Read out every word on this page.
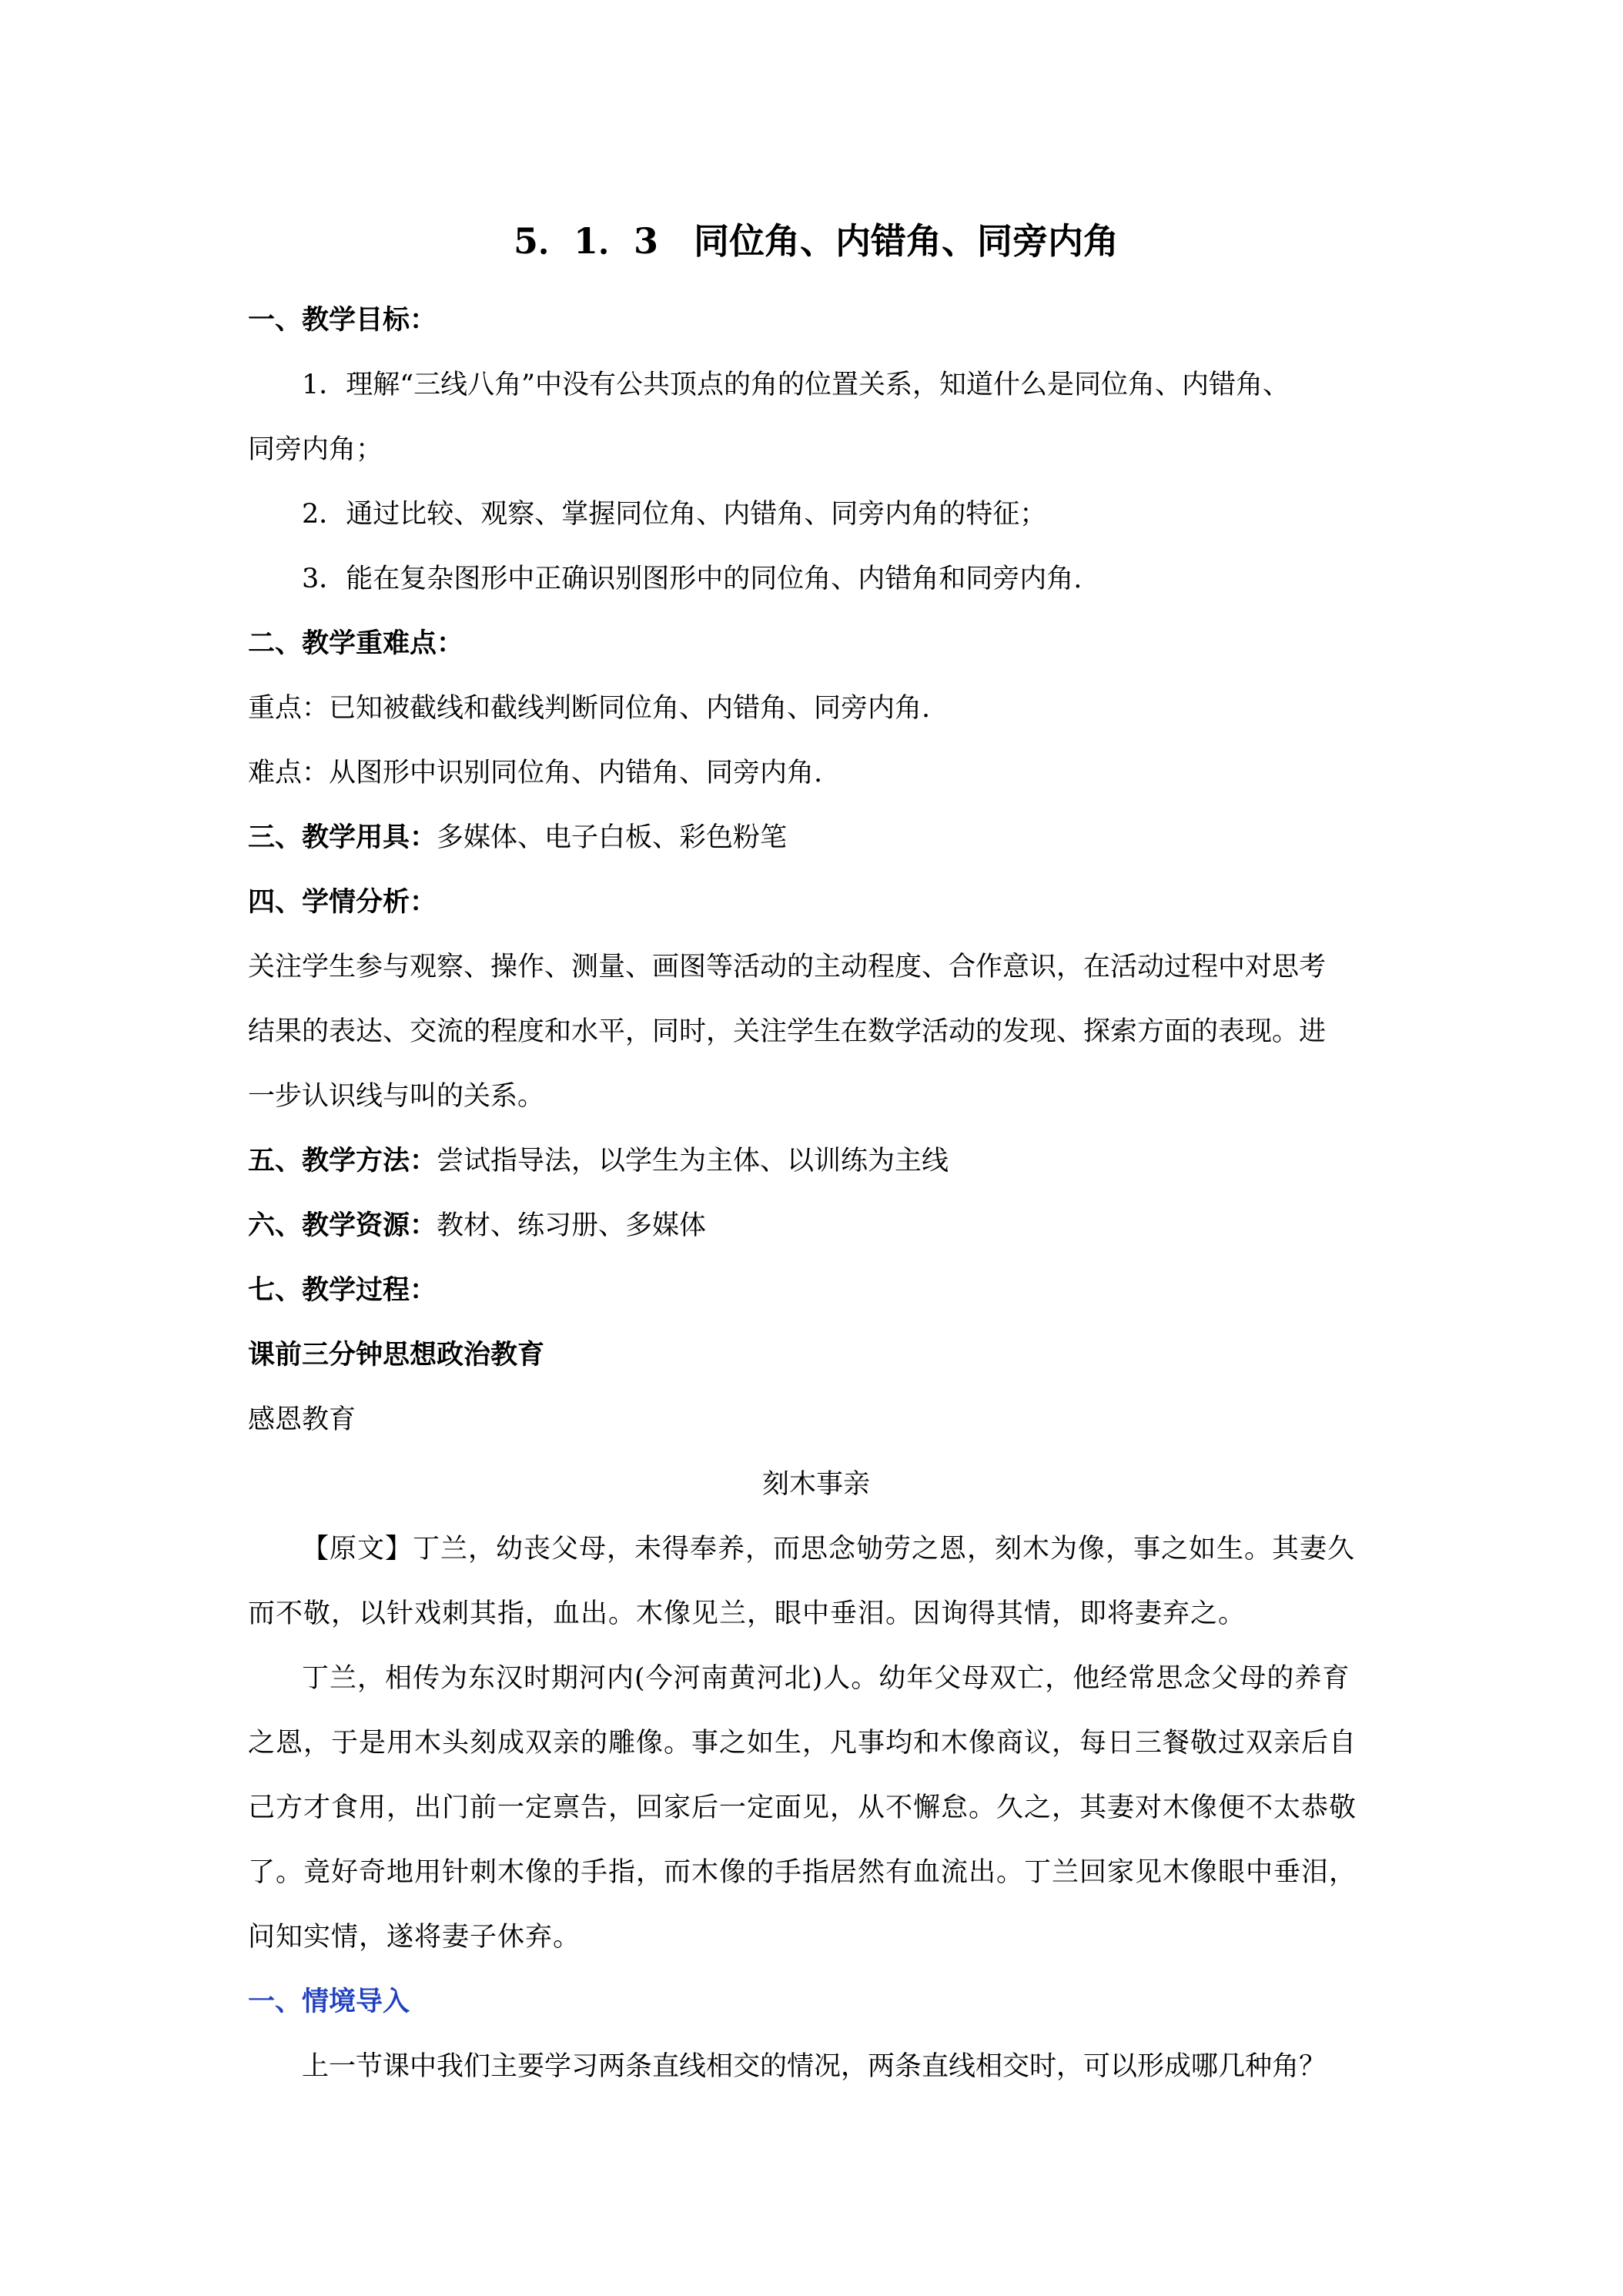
5．1．3　同位角、内错角、同旁内角
一、教学目标：
1．理解“三线八角”中没有公共顶点的角的位置关系，知道什么是同位角、内错角、
同旁内角；
2．通过比较、观察、掌握同位角、内错角、同旁内角的特征；
3．能在复杂图形中正确识别图形中的同位角、内错角和同旁内角.
二、教学重难点：
重点：已知被截线和截线判断同位角、内错角、同旁内角.
难点：从图形中识别同位角、内错角、同旁内角.
三、教学用具：多媒体、电子白板、彩色粉笔
四、学情分析：
关注学生参与观察、操作、测量、画图等活动的主动程度、合作意识，在活动过程中对思考
结果的表达、交流的程度和水平，同时，关注学生在数学活动的发现、探索方面的表现。进
一步认识线与叫的关系。
五、教学方法：尝试指导法，以学生为主体、以训练为主线
六、教学资源：教材、练习册、多媒体
七、教学过程：
课前三分钟思想政治教育
感恩教育
刻木事亲
【原文】丁兰，幼丧父母，未得奉养，而思念劬劳之恩，刻木为像，事之如生。其妻久
而不敬，以针戏刺其指，血出。木像见兰，眼中垂泪。因询得其情，即将妻弃之。
丁兰，相传为东汉时期河内(今河南黄河北)人。幼年父母双亡，他经常思念父母的养育
之恩，于是用木头刻成双亲的雕像。事之如生，凡事均和木像商议，每日三餐敬过双亲后自
己方才食用，出门前一定禀告，回家后一定面见，从不懈怠。久之，其妻对木像便不太恭敬
了。竟好奇地用针刺木像的手指，而木像的手指居然有血流出。丁兰回家见木像眼中垂泪，
问知实情，遂将妻子休弃。
一、情境导入
上一节课中我们主要学习两条直线相交的情况，两条直线相交时，可以形成哪几种角？
